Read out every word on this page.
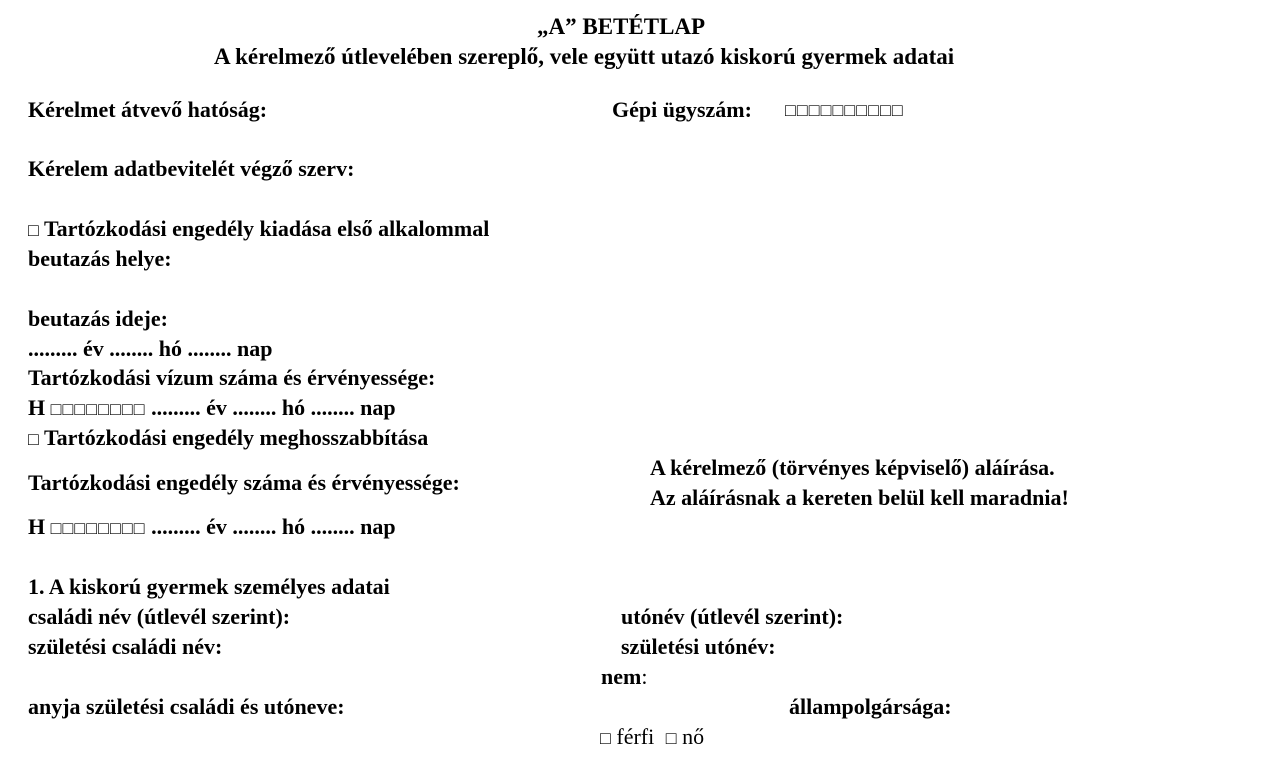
„A” BETÉTLAP
A kérelmező útlevelében szereplő, vele együtt utazó kiskorú gyermek adatai
Kérelmet átvevő hatóság:	Gépi ügyszám: □□□□□□□□□□
Kérelem adatbevitelét végző szerv:
□ Tartózkodási engedély kiadása első alkalommal
beutazás helye:
beutazás ideje:
......... év ........ hó ........ nap
Tartózkodási vízum száma és érvényessége:
H □□□□□□□□ ......... év ........ hó ........ nap
□ Tartózkodási engedély meghosszabbítása
A kérelmező (törvényes képviselő) aláírása.
Az aláírásnak a kereten belül kell maradnia!
Tartózkodási engedély száma és érvényessége:
H □□□□□□□□ ......... év ........ hó ........ nap
1. A kiskorú gyermek személyes adatai
családi név (útlevél szerint):	utónév (útlevél szerint):
születési családi név:	születési utónév:
nem:
anyja születési családi és utóneve:	állampolgársága:
□ férfi □ nő
